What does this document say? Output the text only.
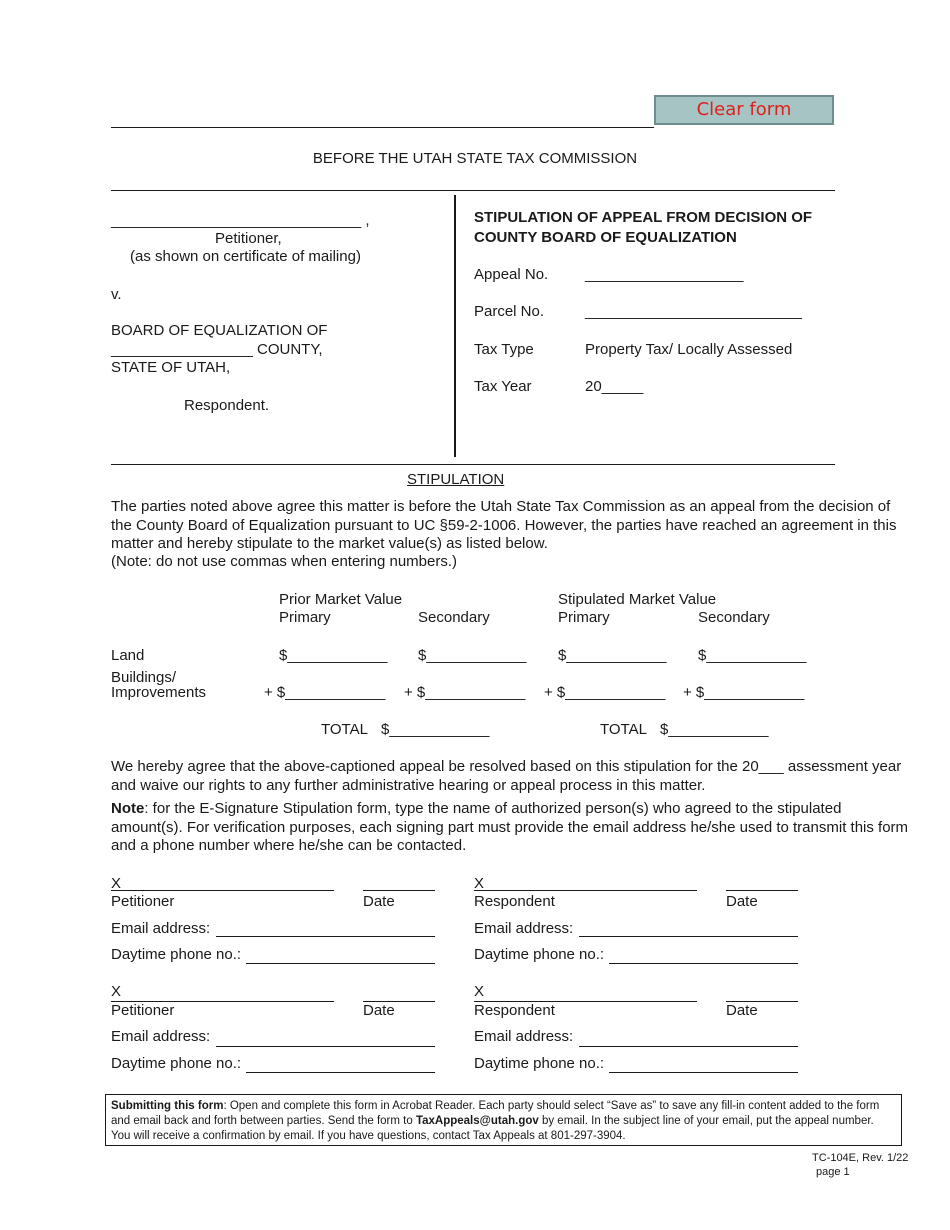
Clear form
BEFORE THE UTAH STATE TAX COMMISSION
______________________________ ,
Petitioner,
(as shown on certificate of mailing)
v.
BOARD OF EQUALIZATION OF
_________________ COUNTY,
STATE OF UTAH,
Respondent.
STIPULATION OF APPEAL FROM DECISION OF
COUNTY BOARD OF EQUALIZATION
Appeal No. ___________________
Parcel No.	__________________________
Tax Type	Property Tax/ Locally Assessed
Tax Year	20_____
STIPULATION
The parties noted above agree this matter is before the Utah State Tax Commission as an appeal from the decision of the County Board of Equalization pursuant to UC §59-2-1006. However, the parties have reached an agreement in this matter and hereby stipulate to the market value(s) as listed below.
(Note: do not use commas when entering numbers.)
Prior Market Value	Stipulated Market Value
Primary	Secondary	Primary	Secondary
Land	$____________ $____________ $____________ $____________
Buildings/
Improvements	+ $____________ + $____________ + $____________ + $____________
TOTAL $____________	TOTAL $____________
We hereby agree that the above-captioned appeal be resolved based on this stipulation for the 20___ assessment year and waive our rights to any further administrative hearing or appeal process in this matter.
Note: for the E-Signature Stipulation form, type the name of authorized person(s) who agreed to the stipulated amount(s). For verification purposes, each signing part must provide the email address he/she used to transmit this form and a phone number where he/she can be contacted.
X
Petitioner	Date
Email address:
Daytime phone no.:
X
Respondent	Date
Email address:
Daytime phone no.:
X
Petitioner	Date
Email address:
Daytime phone no.:
X
Respondent	Date
Email address:
Daytime phone no.:
Submitting this form: Open and complete this form in Acrobat Reader. Each party should select “Save as” to save any fill-in content added to the form and email back and forth between parties. Send the form to TaxAppeals@utah.gov by email. In the subject line of your email, put the appeal number. You will receive a confirmation by email. If you have questions, contact Tax Appeals at 801-297-3904.
TC-104E, Rev. 1/22
page 1
